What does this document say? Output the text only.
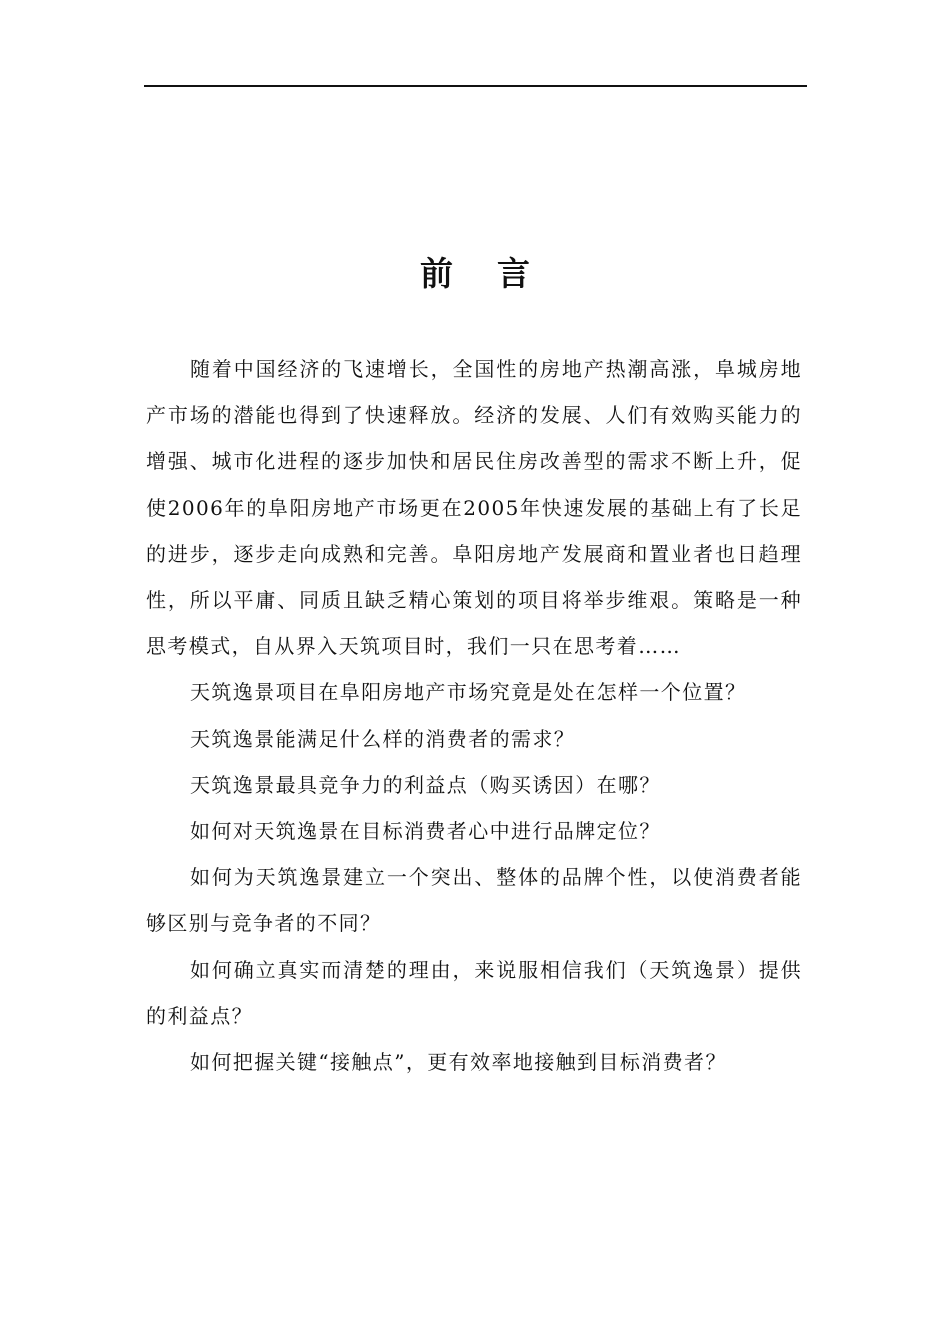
前言

随着中国经济的飞速增长，全国性的房地产热潮高涨，阜城房地产市场的潜能也得到了快速释放。经济的发展、人们有效购买能力的增强、城市化进程的逐步加快和居民住房改善型的需求不断上升，促使2006年的阜阳房地产市场更在2005年快速发展的基础上有了长足的进步，逐步走向成熟和完善。阜阳房地产发展商和置业者也日趋理性，所以平庸、同质且缺乏精心策划的项目将举步维艰。策略是一种思考模式，自从界入天筑项目时，我们一只在思考着……

天筑逸景项目在阜阳房地产市场究竟是处在怎样一个位置？

天筑逸景能满足什么样的消费者的需求？

天筑逸景最具竞争力的利益点（购买诱因）在哪？

如何对天筑逸景在目标消费者心中进行品牌定位？

如何为天筑逸景建立一个突出、整体的品牌个性，以使消费者能够区别与竞争者的不同？

如何确立真实而清楚的理由，来说服相信我们（天筑逸景）提供的利益点？

如何把握关键“接触点”，更有效率地接触到目标消费者？
